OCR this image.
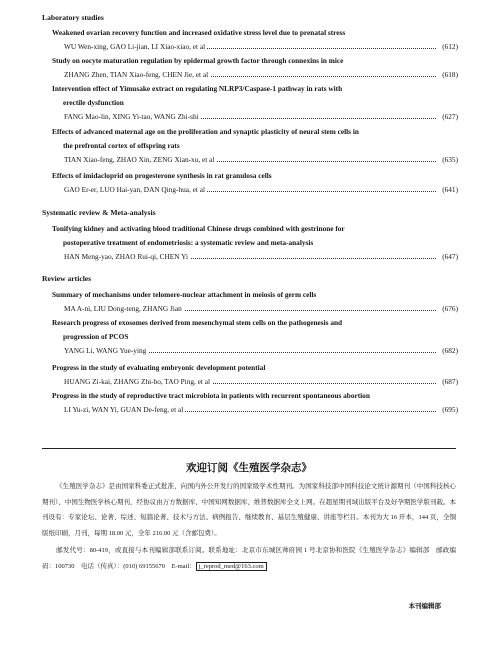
Laboratory studies
Weakened ovarian recovery function and increased oxidative stress level due to prenatal stress
WU Wen-xing, GAO Li-jian, LI Xiao-xiao, et al	(612)
Study on oocyte maturation regulation by epidermal growth factor through connexins in mice
ZHANG Zhen, TIAN Xiao-feng, CHEN Jie, et al	(618)
Intervention effect of Yimusake extract on regulating NLRP3/Caspase-1 pathway in rats with
erectile dysfunction
FANG Mao-lin, XING Yi-tao, WANG Zhi-shi	(627)
Effects of advanced maternal age on the proliferation and synaptic plasticity of neural stem cells in
the prefrontal cortex of offspring rats
TIAN Xiao-feng, ZHAO Xin, ZENG Xian-xu, et al	(635)
Effects of imidacloprid on progesterone synthesis in rat granulosa cells
GAO Er-er, LUO Hai-yan, DAN Qing-hua, et al	(641)
Systematic review & Meta-analysis
Tonifying kidney and activating blood traditional Chinese drugs combined with gestrinone for
postoperative treatment of endometriosis: a systematic review and meta-analysis
HAN Meng-yao, ZHAO Rui-qi, CHEN Yi	(647)
Review articles
Summary of mechanisms under telomere-nuclear attachment in meiosis of germ cells
MA A-ni, LIU Dong-teng, ZHANG Jian	(676)
Research progress of exosomes derived from mesenchymal stem cells on the pathogenesis and
progression of PCOS
YANG Li, WANG Yue-ying	(682)
Progress in the study of evaluating embryonic development potential
HUANG Zi-kai, ZHANG Zhi-bo, TAO Ping, et al	(687)
Progress in the study of reproductive tract microbiota in patients with recurrent spontaneous abortion
LI Yu-zi, WAN Yi, GUAN De-feng, et al	(695)
欢迎订阅《生殖医学杂志》
《生殖医学杂志》是由国家科委正式批准，向国内外公开发行的国家级学术性期刊。为国家科技部中国科技论文统计源期刊（中国科技核心期刊）、中国生物医学核心期刊，经协议由万方数据库、中国知网数据库、维普数据库全文上网。在超星期刊域出版平台及好孕期医学版刊载。本刊设有：专家论坛、论著、综述、短篇论著、技术与方法、病例报告、继续教育、基层生殖健康、讲座等栏目。本刊为大 16 开本，144 页，全铜版纸印刷，月刊，每期 18.00 元，全年 216.00 元（含邮包费）。
邮发代号：80-419，或直接与本刊编辑部联系订阅。联系地址：北京市东城区帅府园 1 号北京协和医院《生殖医学杂志》编辑部　邮政编码：100730　电话（传真）：(010) 69155670　E-mail： j_reprod_med@163.com
本刊编辑部
